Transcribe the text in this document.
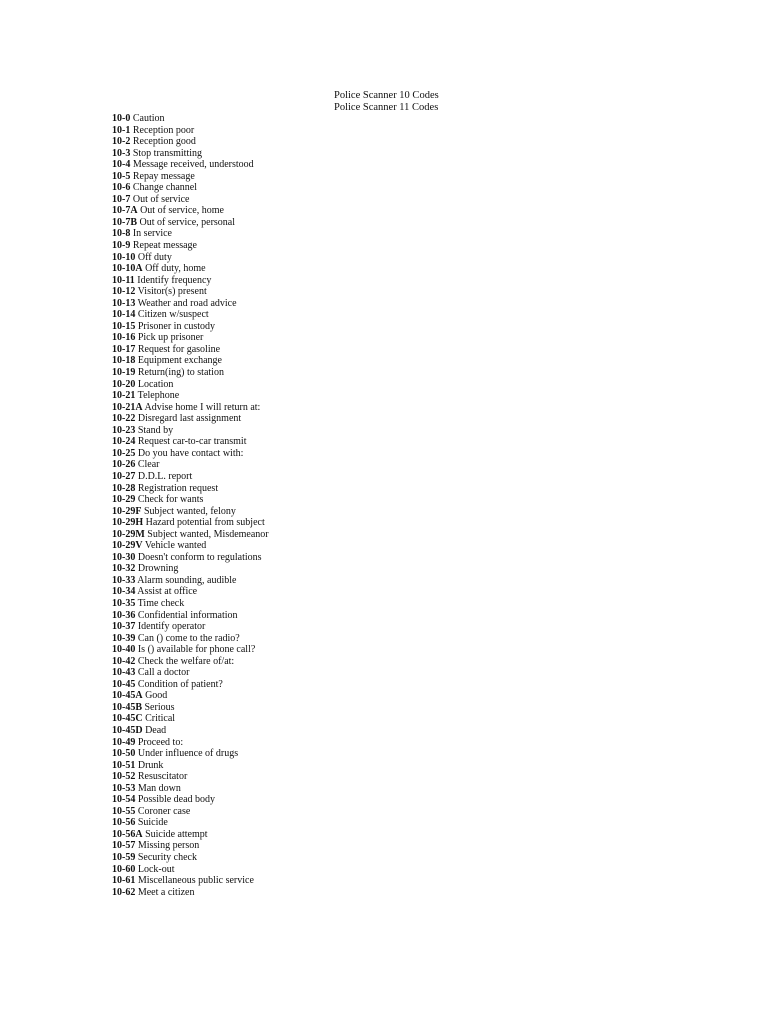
Police Scanner 10 Codes
Police Scanner 11 Codes
10-0 Caution
10-1 Reception poor
10-2 Reception good
10-3 Stop transmitting
10-4 Message received, understood
10-5 Repay message
10-6 Change channel
10-7 Out of service
10-7A Out of service, home
10-7B Out of service, personal
10-8 In service
10-9 Repeat message
10-10 Off duty
10-10A Off duty, home
10-11 Identify frequency
10-12 Visitor(s) present
10-13 Weather and road advice
10-14 Citizen w/suspect
10-15 Prisoner in custody
10-16 Pick up prisoner
10-17 Request for gasoline
10-18 Equipment exchange
10-19 Return(ing) to station
10-20 Location
10-21 Telephone
10-21A Advise home I will return at:
10-22 Disregard last assignment
10-23 Stand by
10-24 Request car-to-car transmit
10-25 Do you have contact with:
10-26 Clear
10-27 D.D.L. report
10-28 Registration request
10-29 Check for wants
10-29F Subject wanted, felony
10-29H Hazard potential from subject
10-29M Subject wanted, Misdemeanor
10-29V Vehicle wanted
10-30 Doesn't conform to regulations
10-32 Drowning
10-33 Alarm sounding, audible
10-34 Assist at office
10-35 Time check
10-36 Confidential information
10-37 Identify operator
10-39 Can () come to the radio?
10-40 Is () available for phone call?
10-42 Check the welfare of/at:
10-43 Call a doctor
10-45 Condition of patient?
10-45A Good
10-45B Serious
10-45C Critical
10-45D Dead
10-49 Proceed to:
10-50 Under influence of drugs
10-51 Drunk
10-52 Resuscitator
10-53 Man down
10-54 Possible dead body
10-55 Coroner case
10-56 Suicide
10-56A Suicide attempt
10-57 Missing person
10-59 Security check
10-60 Lock-out
10-61 Miscellaneous public service
10-62 Meet a citizen
